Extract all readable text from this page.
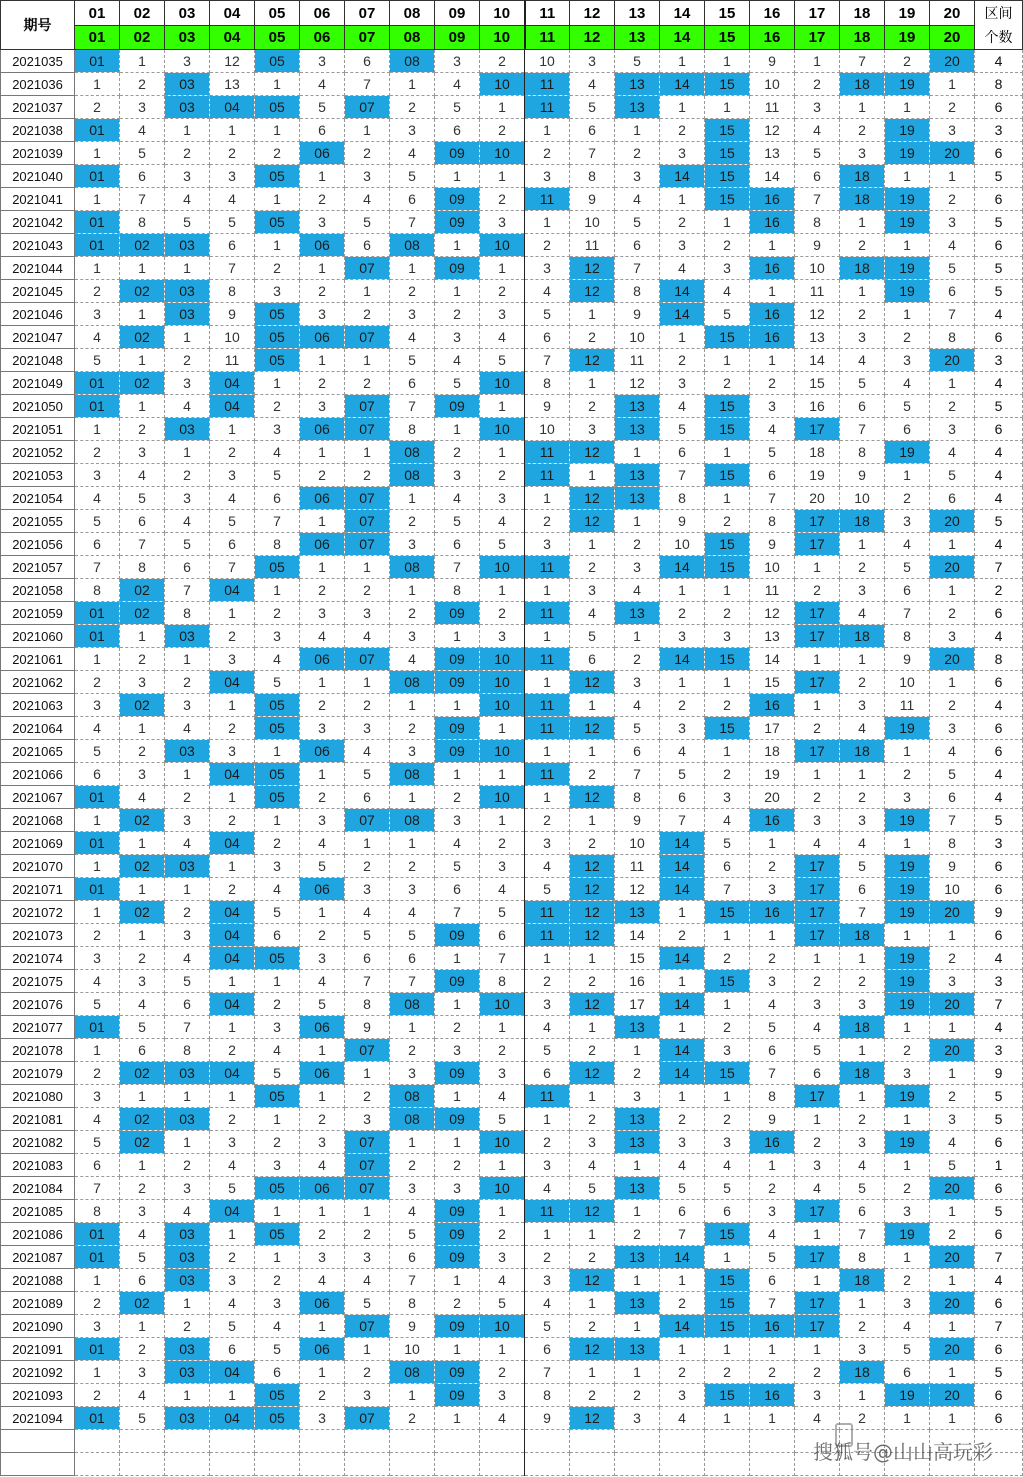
期号	01	02	03	04	05	06	07	08	09	10	11	12	13	14	15	16	17	18	19	20	区间
	01	02	03	04	05	06	07	08	09	10	11	12	13	14	15	16	17	18	19	20	个数
2021035	01	1	3	12	05	3	6	08	3	2	10	3	5	1	1	9	1	7	2	20	4
2021036	1	2	03	13	1	4	7	1	4	10	11	4	13	14	15	10	2	18	19	1	8
2021037	2	3	03	04	05	5	07	2	5	1	11	5	13	1	1	11	3	1	1	2	6
2021038	01	4	1	1	1	6	1	3	6	2	1	6	1	2	15	12	4	2	19	3	3
2021039	1	5	2	2	2	06	2	4	09	10	2	7	2	3	15	13	5	3	19	20	6
2021040	01	6	3	3	05	1	3	5	1	1	3	8	3	14	15	14	6	18	1	1	5
2021041	1	7	4	4	1	2	4	6	09	2	11	9	4	1	15	16	7	18	19	2	6
2021042	01	8	5	5	05	3	5	7	09	3	1	10	5	2	1	16	8	1	19	3	5
2021043	01	02	03	6	1	06	6	08	1	10	2	11	6	3	2	1	9	2	1	4	6
2021044	1	1	1	7	2	1	07	1	09	1	3	12	7	4	3	16	10	18	19	5	5
2021045	2	02	03	8	3	2	1	2	1	2	4	12	8	14	4	1	11	1	19	6	5
2021046	3	1	03	9	05	3	2	3	2	3	5	1	9	14	5	16	12	2	1	7	4
2021047	4	02	1	10	05	06	07	4	3	4	6	2	10	1	15	16	13	3	2	8	6
2021048	5	1	2	11	05	1	1	5	4	5	7	12	11	2	1	1	14	4	3	20	3
2021049	01	02	3	04	1	2	2	6	5	10	8	1	12	3	2	2	15	5	4	1	4
2021050	01	1	4	04	2	3	07	7	09	1	9	2	13	4	15	3	16	6	5	2	5
2021051	1	2	03	1	3	06	07	8	1	10	10	3	13	5	15	4	17	7	6	3	6
2021052	2	3	1	2	4	1	1	08	2	1	11	12	1	6	1	5	18	8	19	4	4
2021053	3	4	2	3	5	2	2	08	3	2	11	1	13	7	15	6	19	9	1	5	4
2021054	4	5	3	4	6	06	07	1	4	3	1	12	13	8	1	7	20	10	2	6	4
2021055	5	6	4	5	7	1	07	2	5	4	2	12	1	9	2	8	17	18	3	20	5
2021056	6	7	5	6	8	06	07	3	6	5	3	1	2	10	15	9	17	1	4	1	4
2021057	7	8	6	7	05	1	1	08	7	10	11	2	3	14	15	10	1	2	5	20	7
2021058	8	02	7	04	1	2	2	1	8	1	1	3	4	1	1	11	2	3	6	1	2
2021059	01	02	8	1	2	3	3	2	09	2	11	4	13	2	2	12	17	4	7	2	6
2021060	01	1	03	2	3	4	4	3	1	3	1	5	1	3	3	13	17	18	8	3	4
2021061	1	2	1	3	4	06	07	4	09	10	11	6	2	14	15	14	1	1	9	20	8
2021062	2	3	2	04	5	1	1	08	09	10	1	12	3	1	1	15	17	2	10	1	6
2021063	3	02	3	1	05	2	2	1	1	10	11	1	4	2	2	16	1	3	11	2	4
2021064	4	1	4	2	05	3	3	2	09	1	11	12	5	3	15	17	2	4	19	3	6
2021065	5	2	03	3	1	06	4	3	09	10	1	1	6	4	1	18	17	18	1	4	6
2021066	6	3	1	04	05	1	5	08	1	1	11	2	7	5	2	19	1	1	2	5	4
2021067	01	4	2	1	05	2	6	1	2	10	1	12	8	6	3	20	2	2	3	6	4
2021068	1	02	3	2	1	3	07	08	3	1	2	1	9	7	4	16	3	3	19	7	5
2021069	01	1	4	04	2	4	1	1	4	2	3	2	10	14	5	1	4	4	1	8	3
2021070	1	02	03	1	3	5	2	2	5	3	4	12	11	14	6	2	17	5	19	9	6
2021071	01	1	1	2	4	06	3	3	6	4	5	12	12	14	7	3	17	6	19	10	6
2021072	1	02	2	04	5	1	4	4	7	5	11	12	13	1	15	16	17	7	19	20	9
2021073	2	1	3	04	6	2	5	5	09	6	11	12	14	2	1	1	17	18	1	1	6
2021074	3	2	4	04	05	3	6	6	1	7	1	1	15	14	2	2	1	1	19	2	4
2021075	4	3	5	1	1	4	7	7	09	8	2	2	16	1	15	3	2	2	19	3	3
2021076	5	4	6	04	2	5	8	08	1	10	3	12	17	14	1	4	3	3	19	20	7
2021077	01	5	7	1	3	06	9	1	2	1	4	1	13	1	2	5	4	18	1	1	4
2021078	1	6	8	2	4	1	07	2	3	2	5	2	1	14	3	6	5	1	2	20	3
2021079	2	02	03	04	5	06	1	3	09	3	6	12	2	14	15	7	6	18	3	1	9
2021080	3	1	1	1	05	1	2	08	1	4	11	1	3	1	1	8	17	1	19	2	5
2021081	4	02	03	2	1	2	3	08	09	5	1	2	13	2	2	9	1	2	1	3	5
2021082	5	02	1	3	2	3	07	1	1	10	2	3	13	3	3	16	2	3	19	4	6
2021083	6	1	2	4	3	4	07	2	2	1	3	4	1	4	4	1	3	4	1	5	1
2021084	7	2	3	5	05	06	07	3	3	10	4	5	13	5	5	2	4	5	2	20	6
2021085	8	3	4	04	1	1	1	4	09	1	11	12	1	6	6	3	17	6	3	1	5
2021086	01	4	03	1	05	2	2	5	09	2	1	1	2	7	15	4	1	7	19	2	6
2021087	01	5	03	2	1	3	3	6	09	3	2	2	13	14	1	5	17	8	1	20	7
2021088	1	6	03	3	2	4	4	7	1	4	3	12	1	1	15	6	1	18	2	1	4
2021089	2	02	1	4	3	06	5	8	2	5	4	1	13	2	15	7	17	1	3	20	6
2021090	3	1	2	5	4	1	07	9	09	10	5	2	1	14	15	16	17	2	4	1	7
2021091	01	2	03	6	5	06	1	10	1	1	6	12	13	1	1	1	1	3	5	20	6
2021092	1	3	03	04	6	1	2	08	09	2	7	1	1	2	2	2	2	18	6	1	5
2021093	2	4	1	1	05	2	3	1	09	3	8	2	2	3	15	16	3	1	19	20	6
2021094	01	5	03	04	05	3	07	2	1	4	9	12	3	4	1	1	4	2	1	1	6

搜狐号@山山高玩彩
